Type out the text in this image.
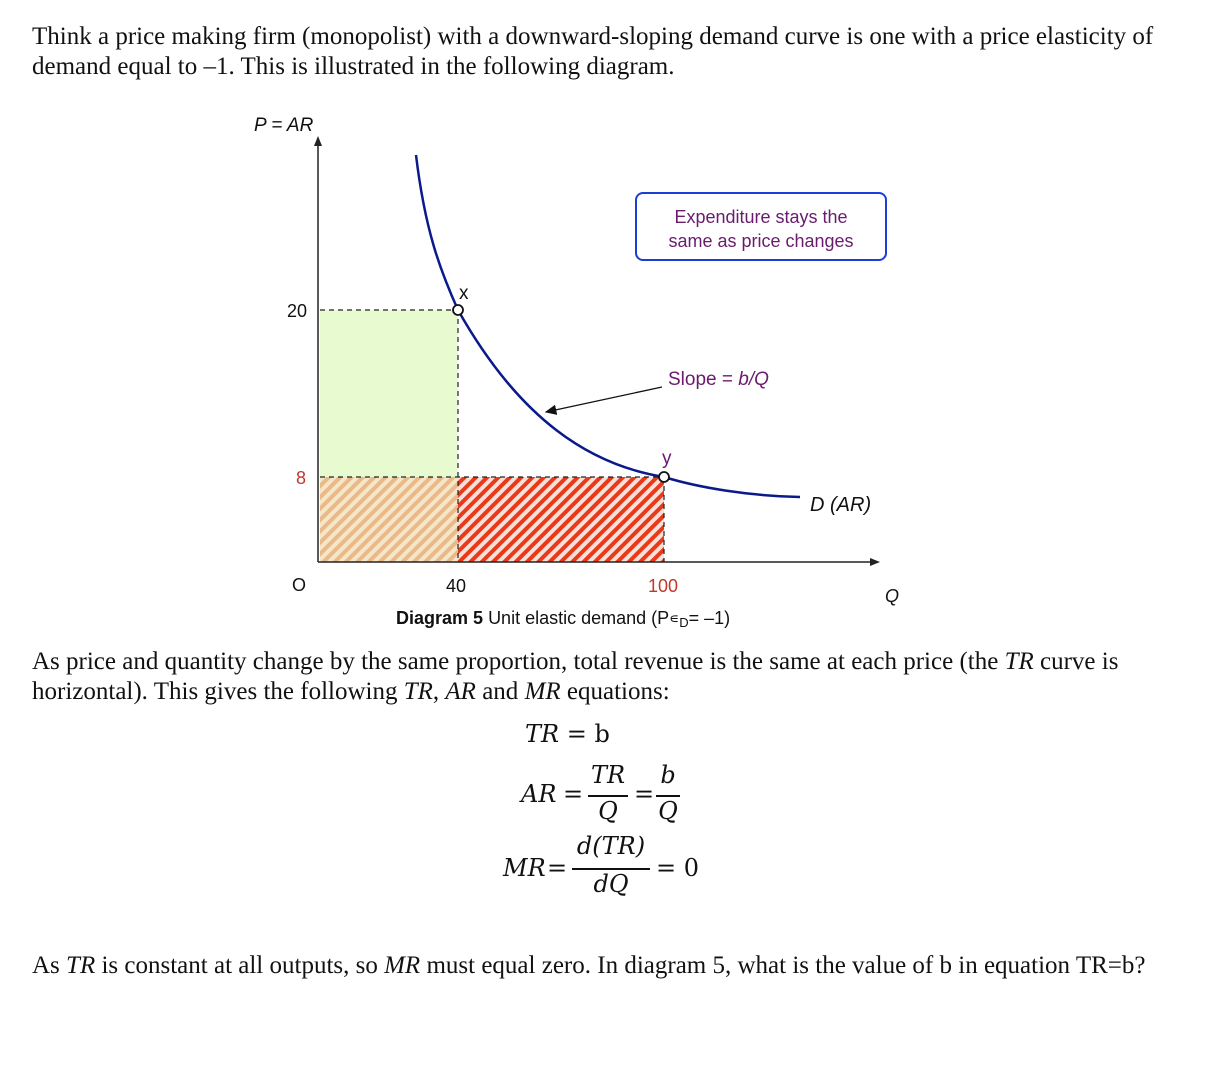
Think a price making firm (monopolist) with a downward-sloping demand curve is one with a price elasticity of demand equal to –1. This is illustrated in the following diagram.
P = AR
Q
O
20
8
40	100
x
y
D (AR)
Expenditure stays the
same as price changes
Slope = b/Q
Diagram 5 Unit elastic demand $(P∊_D= -1)$
As price and quantity change by the same proportion, total revenue is the same at each price (the TR curve is horizontal). This gives the following TR, AR and MR equations:
TR = b
AR =
TR
Q
=
b
Q
MR =
d(TR)
dQ
= 0
As TR is constant at all outputs, so MR must equal zero. In diagram 5, what is the value of b in equation TR=b?
